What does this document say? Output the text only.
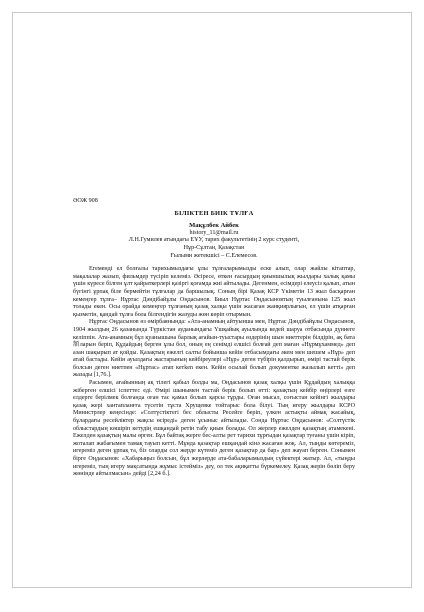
ӘОЖ 908
БІЛІКТЕН БИІК ТҰЛҒА
Мақұлбек Айбек
history_11@mail.ru
Л.Н.Гумилев атындағы ЕҰУ, тарих факультетінің 2 курс студенті,
Нұр-Сұлтан, Қазақстан
Ғылыми жетекшісі – С.Елемесов.

Егеменді ел болғалы тарихымыздағы ұлы тұлғаларымызды еске алып, олар жайлы кітаптар, мақалалар жазып, фильмдер түсіріп келеміз. Әсіресе, өткен ғасырдың қиыншылық жылдары халық қамы үшін күресе білген ұлт қайраткерлері қазіргі қоғамда жиі айтылады. Дегенмен, есімдері елеусіз қалып, атын бүгінгі ұрпақ біле бермейтін тұлғалар да баршылық. Соның бірі Қазақ КСР Үкіметін 13 жыл басқарған кемеңгер тұлға– Нұртас Дәндібайұлы Оңдасынов. Биыл Нұртас Оңдасыновтың туылғанына 125 жыл толады екен. Осы орайда кемеңгер тұлғаның қазақ халқы үшін жасаған жанқиярлығын, ел үшін атқарған қызметін, қандай тұлға бола білгендігін жазуды жөн көріп отырмын.

Нұртас Оңдасынов өз өмірбаянында: «Ата-анамның айтуынша мен, Нұртас Дәндібайұлы Оңдасынов, 1904 жылдың 26 қазанында Түркістан ауданындағы Үшқайық ауылында кедей шаруа отбасында дүниеге келіппін. Ата-анамның бұл қуанышына барлық ағайын-туыстары өздерінің шын ниеттерін білдірін, ақ бата額ларын беріп, Құдайдың берген ұлы бол, оның ең сенімді елшісі болғай деп маған «Нұрмұхаммед» деп азан шақырып ат қойды. Қазақтың ежелгі салты бойынша кейін отбасымдағы әкем мен шешем «Нұр» деп атай бастады. Кейін ауылдағы жастарының кейбіреулері «Нұр» деген түбірін қалдырып, өмірі тастай берік болсын деген ниетпен «Нұртас» атап кетken екен. Кейін осылай болып документке жазылып кетті» деп жазады [1,76.].

Расымен, ағайынның ақ тілегі қабыл болды ма, Оңдасынов қазақ халқы үшін Құдайдың халыққа жіберген елшісі іспеттес еді. Өмірі шынымен тастай берік болып өтті: қазақтың кейбір өңірлері өзге елдерге берілмек болғанда оған тас қамал болып қарсы тұрды. Оған мысал, соғыстан кейінгі жылдары қазақ жері хантапланғға түсетін тұста Хрущевке тойтарыс бола білуі. Тың игеру жылдары КСРО Министрлер кеңесінде: «Солтүстіктегі бес облысты Ресейге беріп, үлкен астықты аймақ жасайық, бұлардағы ресейліктер жақсы өсіреді» деген ұсыныс айтылады. Сонда Нұртас Оңдасынов: «Солтүстік облыстардың көшіріп кетудің ешқандай ретін табу қиын болады. Ол жерлер ежелден қазақтың атамекені. Ежелден қазақтың малы өрген. Бұл байтақ жерге бес-алты рет тарихи тұрғыдан қазақтар туғаны үшін кіріп, жоталап жабағымен тамақ тауып кетті. Мұнда қазақтар ешқандай кінә жасаған жоқ. Ал, тыңды көтереміз, игереміз деген ұрпақ та, біз оларды сол жерде күтеміз деген қазақтар да бар» деп жауап берген. Сонымен бірге Оңдасынов: «Хабарыңыз болсын, бұл жерлерде ата-бабаларымыздың сүйектері жатыр. Ал, «тыңды игереміз, тың игеру мақсатында жұмыс істейміз» деу, ол тек ақиқатты бүркемелеу. Қазақ жерін бөліп беру жөнінде айтылмасын» дейді [2,24 б.].
